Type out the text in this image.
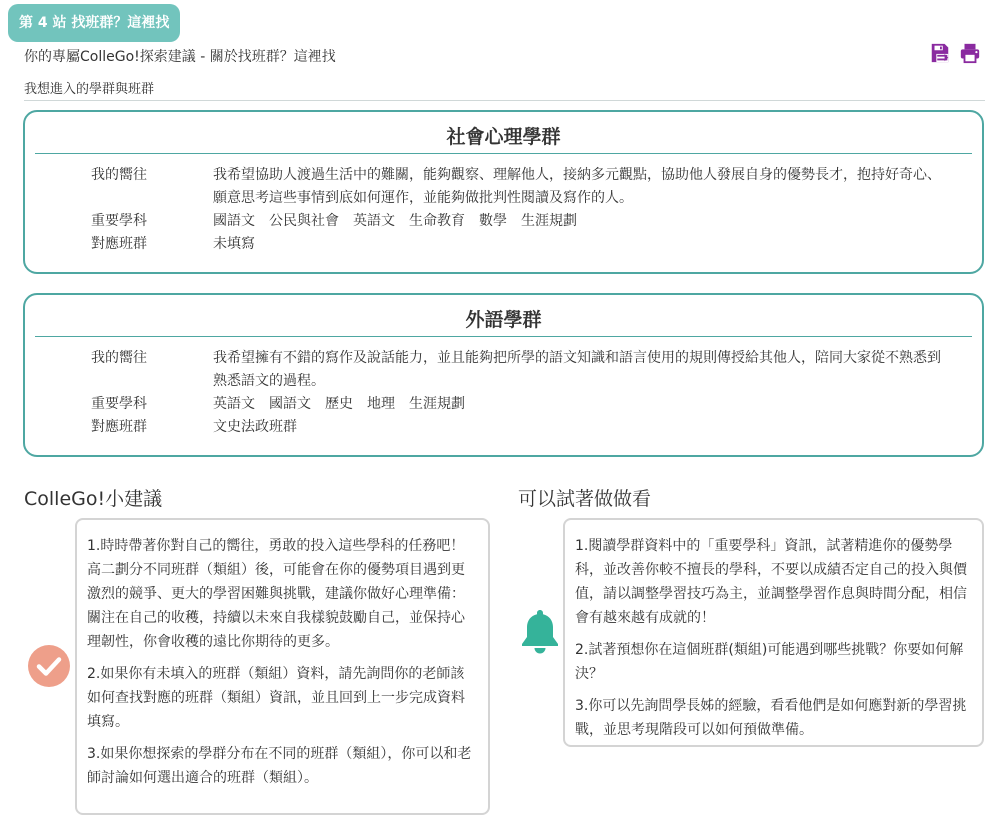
第 4 站 找班群？這裡找
你的專屬ColleGo!探索建議 - 關於找班群？這裡找
我想進入的學群與班群
社會心理學群
我的嚮往	我希望協助人渡過生活中的難關，能夠觀察、理解他人，接納多元觀點，協助他人發展自身的優勢長才，抱持好奇心、願意思考這些事情到底如何運作，並能夠做批判性閱讀及寫作的人。
重要學科	國語文 公民與社會 英語文 生命教育 數學 生涯規劃
對應班群	未填寫
外語學群
我的嚮往	我希望擁有不錯的寫作及說話能力，並且能夠把所學的語文知識和語言使用的規則傳授給其他人，陪同大家從不熟悉到熟悉語文的過程。
重要學科	英語文 國語文 歷史 地理 生涯規劃
對應班群	文史法政班群
ColleGo!小建議
1.時時帶著你對自己的嚮往，勇敢的投入這些學科的任務吧！高二劃分不同班群（類組）後，可能會在你的優勢項目遇到更激烈的競爭、更大的學習困難與挑戰，建議你做好心理準備：關注在自己的收穫，持續以未來自我樣貌鼓勵自己，並保持心理韌性，你會收穫的遠比你期待的更多。
2.如果你有未填入的班群（類組）資料，請先詢問你的老師該如何查找對應的班群（類組）資訊，並且回到上一步完成資料填寫。
3.如果你想探索的學群分布在不同的班群（類組），你可以和老師討論如何選出適合的班群（類組）。
可以試著做做看
1.閱讀學群資料中的「重要學科」資訊，試著精進你的優勢學科，並改善你較不擅長的學科，不要以成績否定自己的投入與價值，請以調整學習技巧為主，並調整學習作息與時間分配，相信會有越來越有成就的！
2.試著預想你在這個班群(類組)可能遇到哪些挑戰？你要如何解決？
3.你可以先詢問學長姊的經驗，看看他們是如何應對新的學習挑戰，並思考現階段可以如何預做準備。
